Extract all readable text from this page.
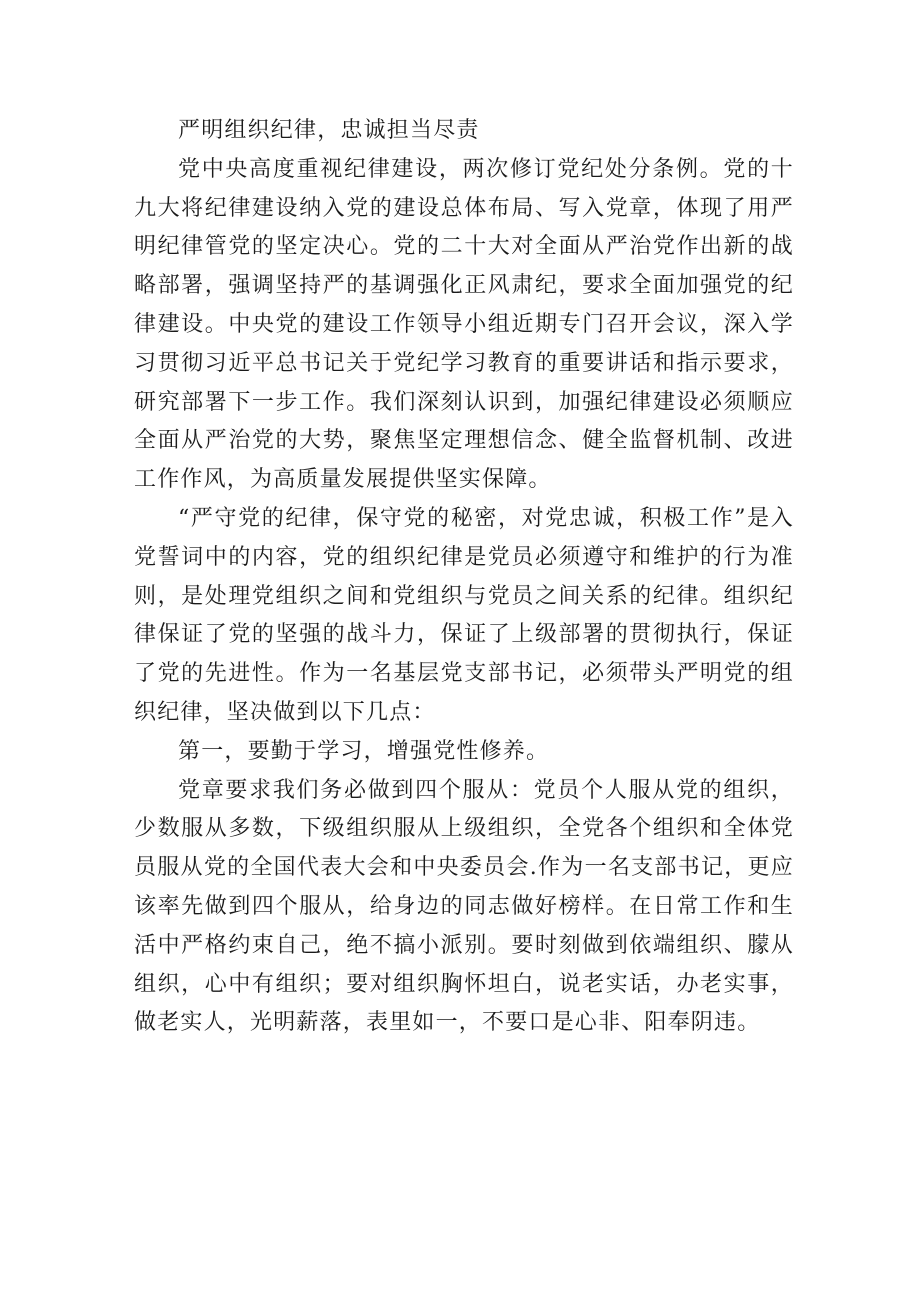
严明组织纪律，忠诚担当尽责

党中央高度重视纪律建设，两次修订党纪处分条例。党的十九大将纪律建设纳入党的建设总体布局、写入党章，体现了用严明纪律管党的坚定决心。党的二十大对全面从严治党作出新的战略部署，强调坚持严的基调强化正风肃纪，要求全面加强党的纪律建设。中央党的建设工作领导小组近期专门召开会议，深入学习贯彻习近平总书记关于党纪学习教育的重要讲话和指示要求，研究部署下一步工作。我们深刻认识到，加强纪律建设必须顺应全面从严治党的大势，聚焦坚定理想信念、健全监督机制、改进工作作风，为高质量发展提供坚实保障。

“严守党的纪律，保守党的秘密，对党忠诚，积极工作”是入党誓词中的内容，党的组织纪律是党员必须遵守和维护的行为准则，是处理党组织之间和党组织与党员之间关系的纪律。组织纪律保证了党的坚强的战斗力，保证了上级部署的贯彻执行，保证了党的先进性。作为一名基层党支部书记，必须带头严明党的组织纪律，坚决做到以下几点：

第一，要勤于学习，增强党性修养。

党章要求我们务必做到四个服从：党员个人服从党的组织，少数服从多数，下级组织服从上级组织，全党各个组织和全体党员服从党的全国代表大会和中央委员会.作为一名支部书记，更应该率先做到四个服从，给身边的同志做好榜样。在日常工作和生活中严格约束自己，绝不搞小派别。要时刻做到依端组织、朦从组织，心中有组织；要对组织胸怀坦白，说老实话，办老实事，做老实人，光明薪落，表里如一，不要口是心非、阳奉阴违。
